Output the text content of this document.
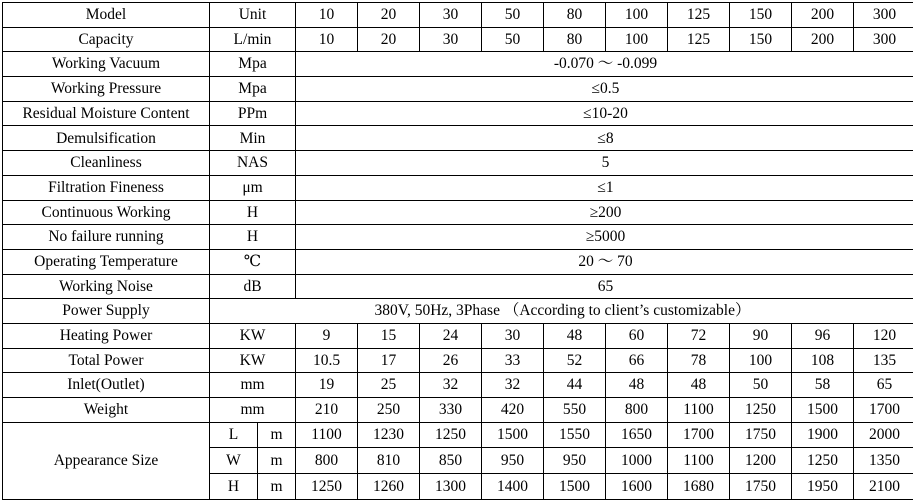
Model	Unit		10	20	30	50	80	100	125	150	200	300
Capacity	L/min		10	20	30	50	80	100	125	150	200	300
Working Vacuum	Mpa		-0.070 ～ -0.099									
Working Pressure	Mpa		≤0.5									
Residual Moisture Content	PPm		≤10-20									
Demulsification	Min		≤8									
Cleanliness	NAS		5									
Filtration Fineness	μm		≤1									
Continuous Working	H		≥200									
No failure running	H		≥5000									
Operating Temperature	℃		20 ～ 70									
Working Noise	dB		65									
Power Supply	380V, 50Hz, 3Phase （According to client’s customizable）											
Heating Power	KW		9	15	24	30	48	60	72	90	96	120
Total Power	KW		10.5	17	26	33	52	66	78	100	108	135
Inlet(Outlet)	mm		19	25	32	32	44	48	48	50	58	65
Weight	mm		210	250	330	420	550	800	1100	1250	1500	1700
Appearance Size	L	m	1100	1230	1250	1500	1550	1650	1700	1750	1900	2000
	W	m	800	810	850	950	950	1000	1100	1200	1250	1350
	H	m	1250	1260	1300	1400	1500	1600	1680	1750	1950	2100
